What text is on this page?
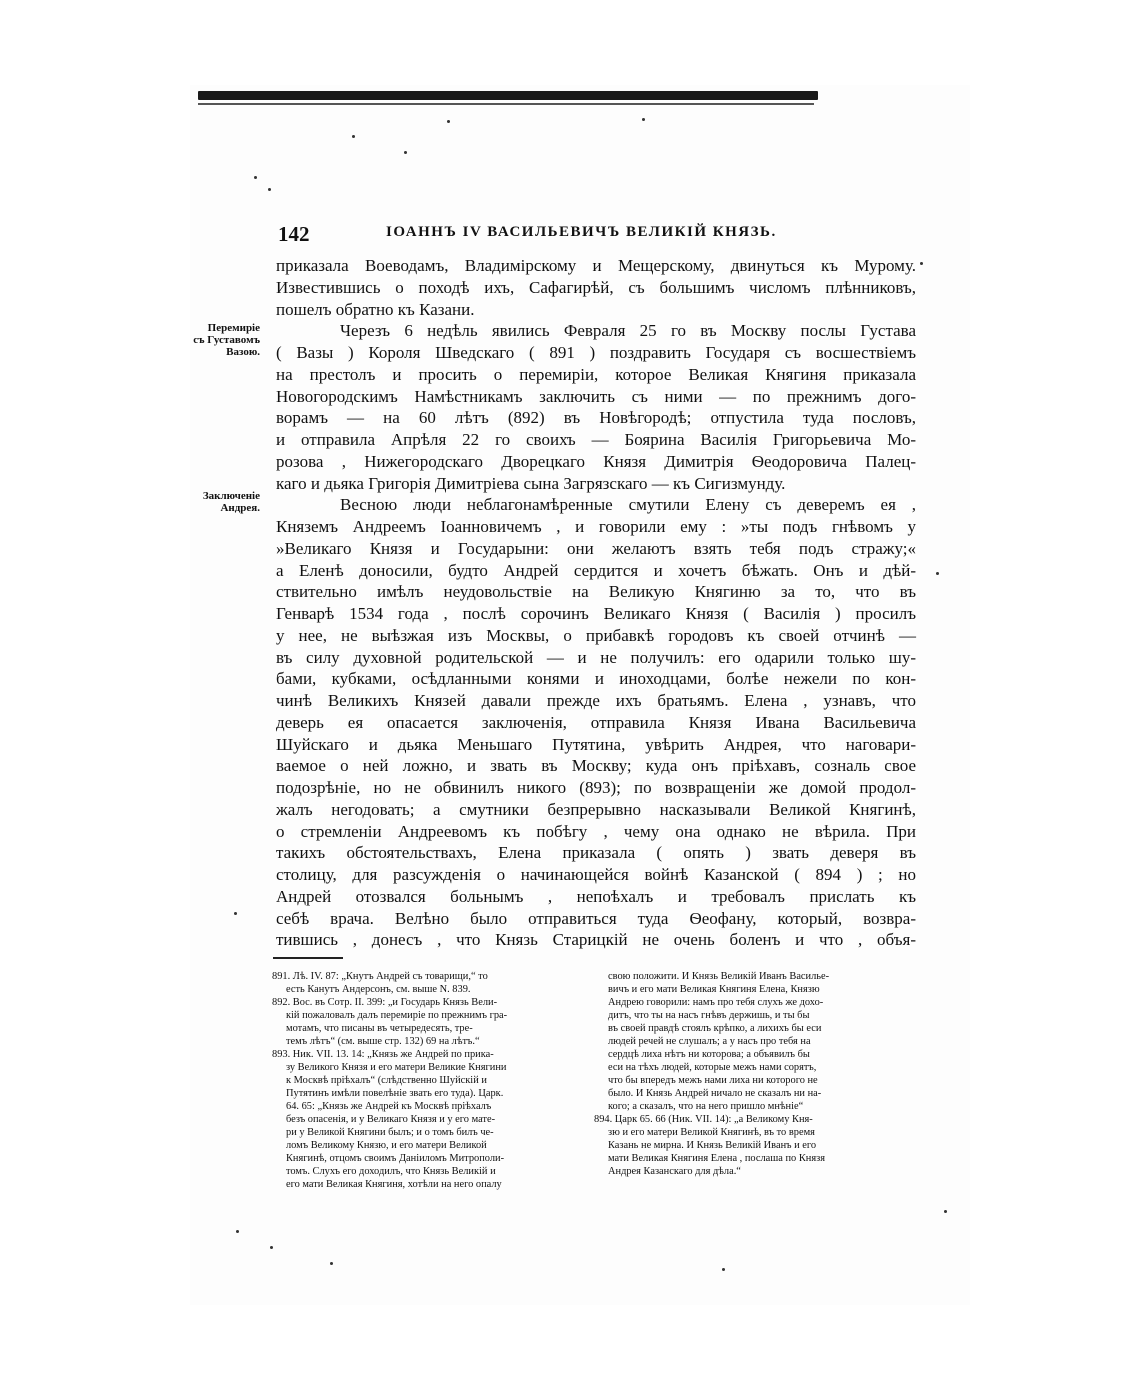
142	ІОАННЪ IV ВАСИЛЬЕВИЧЪ ВЕЛИКІЙ КНЯЗЬ.
Перемиріе
съ Густавомъ
Вазою.
Заключеніе
Андрея.
приказала Воеводамъ, Владимірскому и Мещерскому, двинуться къ Мурому.
Известившись о походѣ ихъ, Сафагирѣй, съ большимъ числомъ плѣнниковъ,
пошелъ обратно къ Казани.
Черезъ 6 недѣль явились Февраля 25 го въ Москву послы Густава
( Вазы ) Короля Шведскаго ( 891 ) поздравить Государя съ восшествіемъ
на престолъ и просить о перемиріи, которое Великая Княгиня приказала
Новогородскимъ Намѣстникамъ заключить съ ними — по прежнимъ дого-
ворамъ — на 60 лѣтъ (892) въ Новѣгородѣ; отпустила туда пословъ,
и отправила Апрѣля 22 го своихъ — Боярина Василія Григорьевича Мо-
розова , Нижегородскаго Дворецкаго Князя Димитрія Ѳеодоровича Палец-
каго и дьяка Григорія Димитріева сына Загрязскаго — къ Сигизмунду.
Весною люди неблагонамѣренные смутили Елену съ деверемъ ея ,
Княземъ Андреемъ Іоанновичемъ , и говорили ему : »ты подъ гнѣвомъ у
»Великаго Князя и Государыни: они желаютъ взять тебя подъ стражу;«
а Еленѣ доносили, будто Андрей сердится и хочетъ бѣжать. Онъ и дѣй-
ствительно имѣлъ неудовольствіе на Великую Княгиню за то, что въ
Генварѣ 1534 года , послѣ сорочинъ Великаго Князя ( Василія ) просилъ
у нее, не выѣзжая изъ Москвы, о прибавкѣ городовъ къ своей отчинѣ —
въ силу духовной родительской — и не получилъ: его одарили только шу-
бами, кубками, осѣдланными конями и иноходцами, болѣе нежели по кон-
чинѣ Великихъ Князей давали прежде ихъ братьямъ. Елена , узнавъ, что
деверь ея опасается заключенія, отправила Князя Ивана Васильевича
Шуйскаго и дьяка Меньшаго Путятина, увѣрить Андрея, что наговари-
ваемое о ней ложно, и звать въ Москву; куда онъ пріѣхавъ, созналь свое
подозрѣніе, но не обвинилъ никого (893); по возвращеніи же домой продол-
жалъ негодовать; а смутники безпрерывно насказывали Великой Княгинѣ,
о стремленіи Андреевомъ къ побѣгу , чему она однако не вѣрила. При
такихъ обстоятельствахъ, Елена приказала ( опять ) звать деверя въ
столицу, для разсужденія о начинающейся войнѣ Казанской ( 894 ) ; но
Андрей отозвался больнымъ , непоѣхалъ и требовалъ прислать къ
себѣ врача. Велѣно было отправиться туда Ѳеофану, который, возвра-
тившись , донесъ , что Князь Старицкій не очень боленъ и что , объя-
891. Лѣ. IV. 87: „Кнутъ Андрей съ товарищи,“ то
есть Канутъ Андерсонъ, см. выше N. 839.
892. Вос. въ Сотр. II. 399: „и Государь Князь Вели-
кій пожаловалъ далъ перемиріе по прежнимъ гра-
мотамъ, что писаны въ четыредесять, тре-
темъ лѣтъ“ (см. выше стр. 132) 69 на лѣтъ.“
893. Ник. VII. 13. 14: „Князь же Андрей по прика-
зу Великого Князя и его матери Великие Княгини
к Москвѣ пріѣхалъ“ (слѣдственно Шуйскій и
Путятинъ имѣли повелѣніе звать его туда). Царк.
64. 65: „Князь же Андрей къ Москвѣ пріѣхалъ
безъ опасенія, и у Великаго Князя и у его мате-
ри у Великой Княгини былъ; и о томъ билъ че-
ломъ Великому Князю, и его матери Великой
Княгинѣ, отцомъ своимъ Даніиломъ Митрополи-
томъ. Слухъ его доходилъ, что Князь Великій и
его мати Великая Княгиня, хотѣли на него опалу
свою положити. И Князь Великій Иванъ Василье-
вичъ и его мати Великая Княгиня Елена, Князю
Андрею говорили: намъ про тебя слухъ же дохо-
дитъ, что ты на насъ гнѣвъ держишь, и ты бы
въ своей правдѣ стоялъ крѣпко, а лихихъ бы еси
людей речей не слушалъ; а у насъ про тебя на
сердцѣ лиха нѣтъ ни которова; а объявилъ бы
еси на тѣхъ людей, которые межъ нами сорятъ,
что бы впередъ межъ нами лиха ни которого не
было. И Князь Андрей ничало не сказалъ ни на-
кого; а сказалъ, что на него пришло мнѣніе“
894. Царк 65. 66 (Ник. VII. 14): „а Великому Кня-
зю и его матери Великой Княгинѣ, въ то время
Казань не мирна. И Князь Великій Иванъ и его
мати Великая Княгиня Елена , послаша по Князя
Андрея Казанскаго для дѣла.“
